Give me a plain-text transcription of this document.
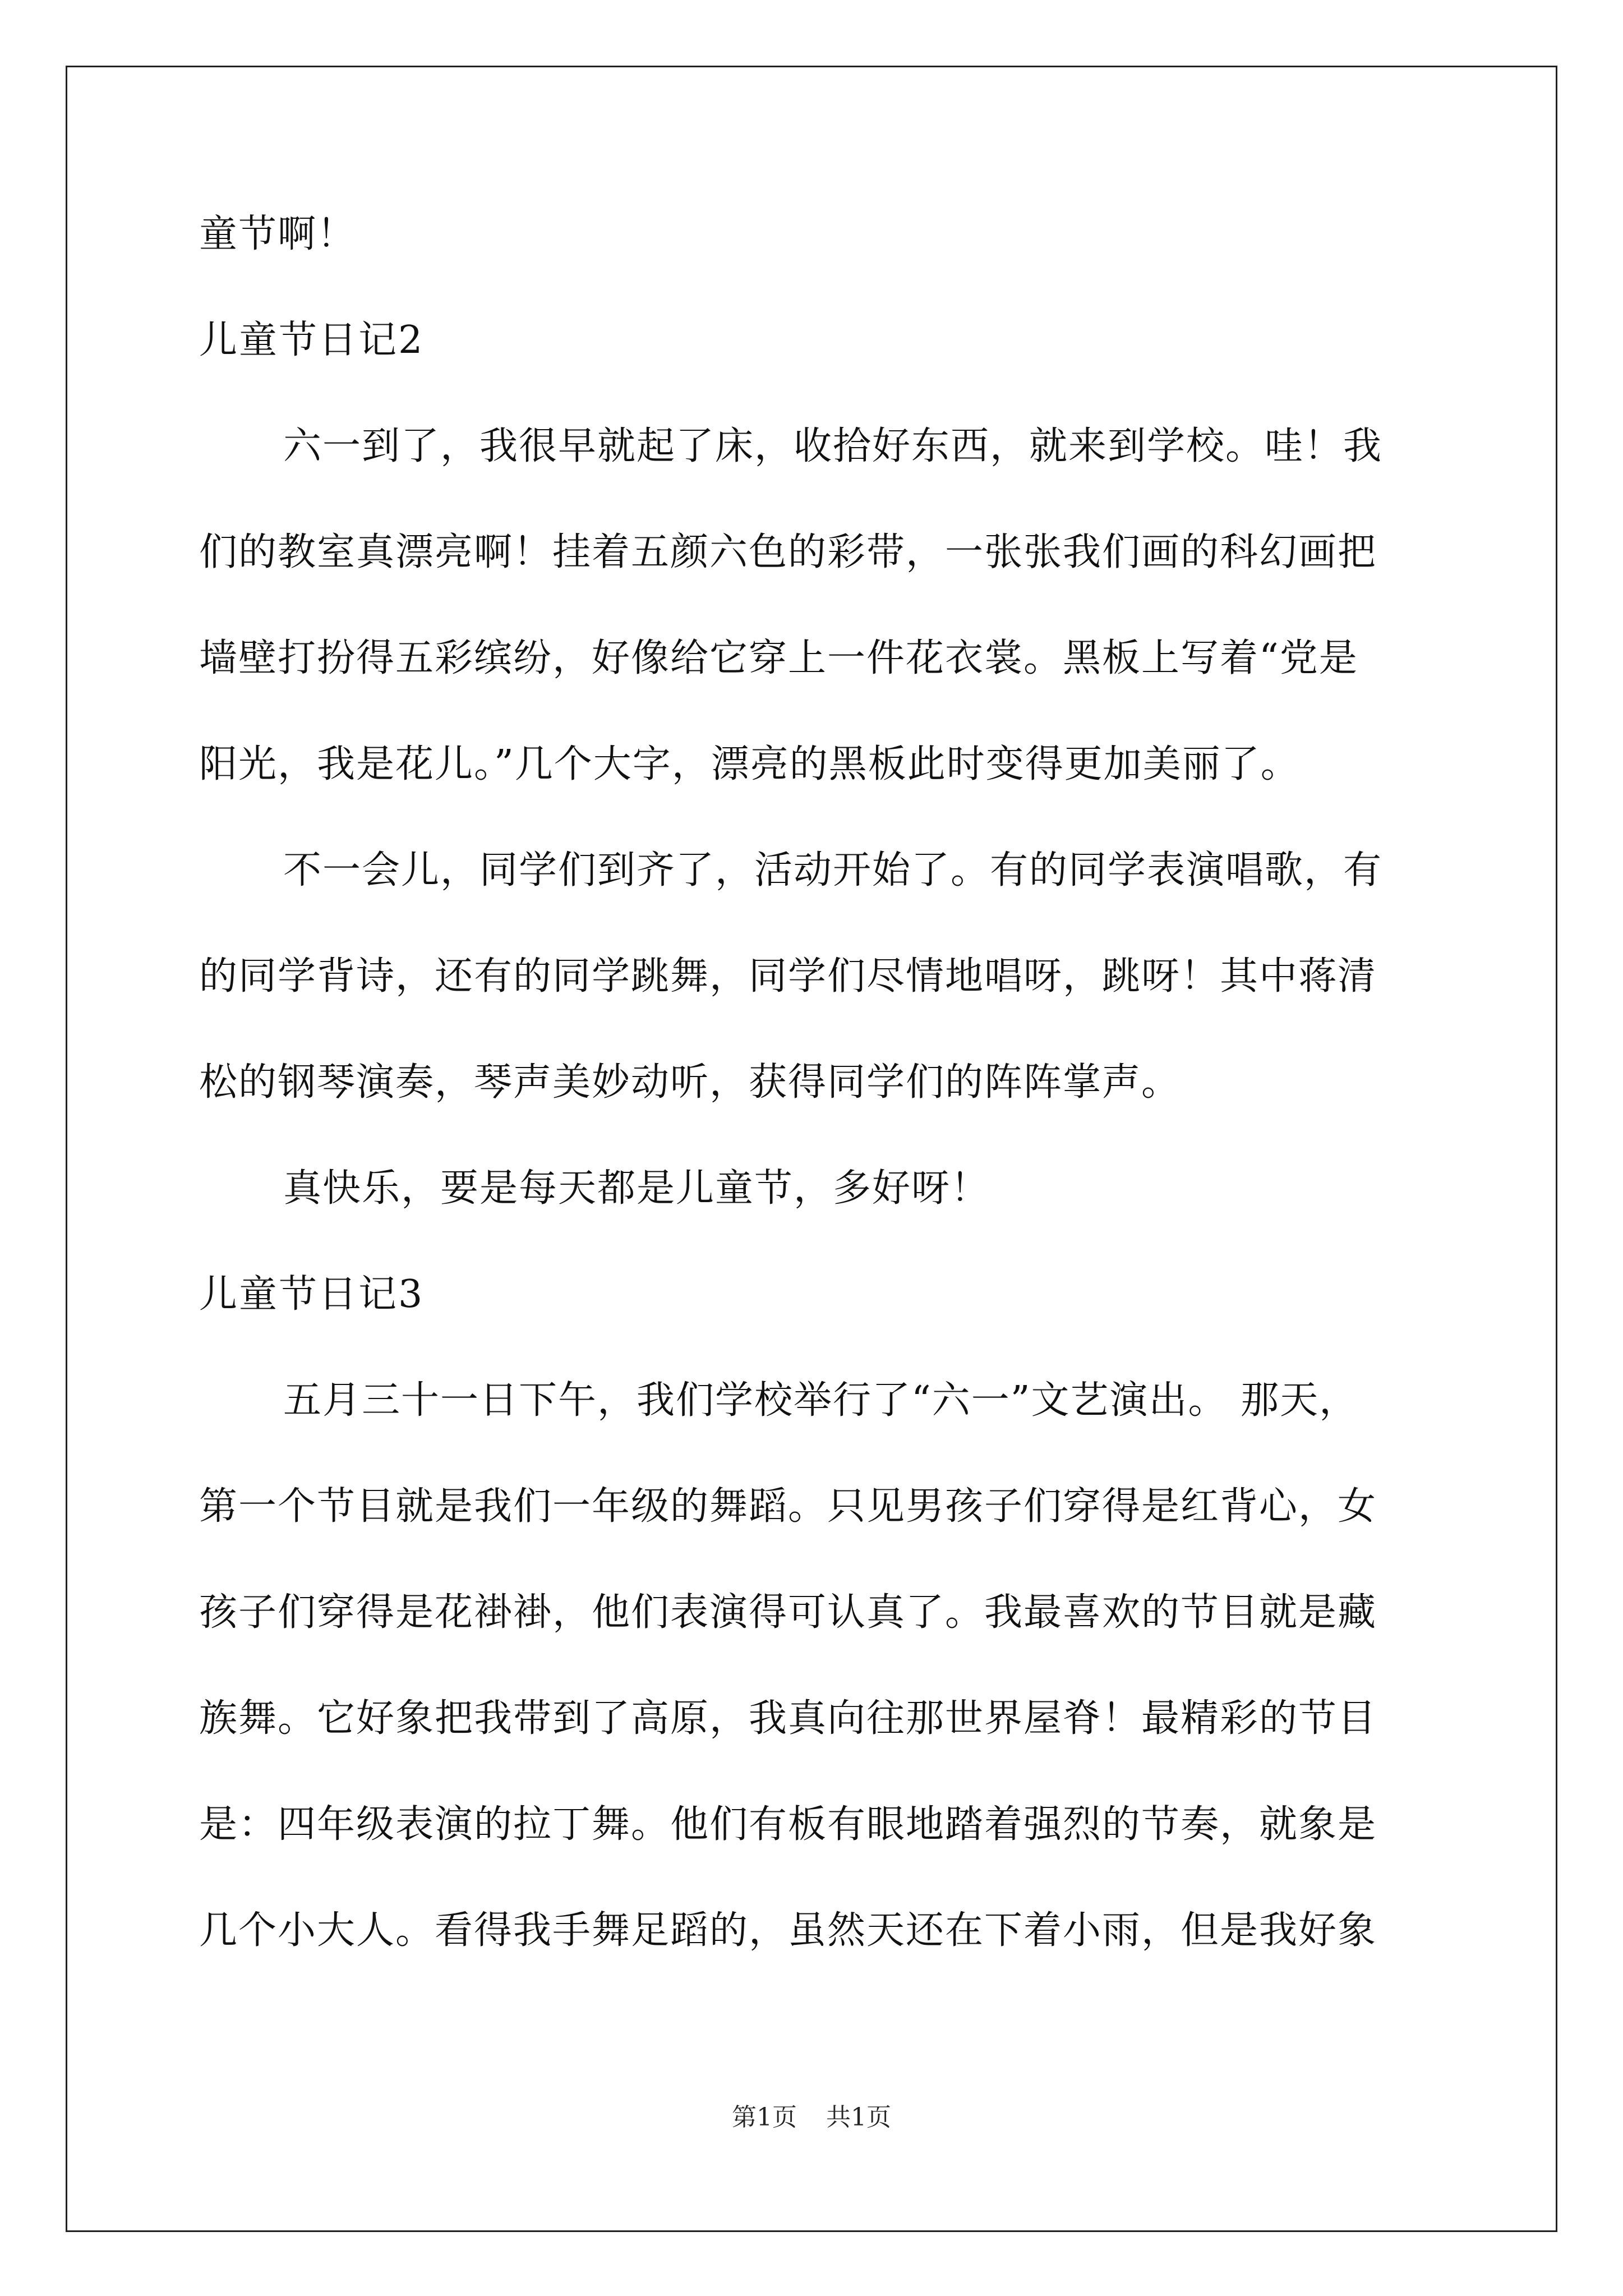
童节啊！
儿童节日记2
六一到了，我很早就起了床，收拾好东西，就来到学校。哇！我
们的教室真漂亮啊！挂着五颜六色的彩带，一张张我们画的科幻画把
墙壁打扮得五彩缤纷，好像给它穿上一件花衣裳。黑板上写着“党是
阳光，我是花儿。”几个大字，漂亮的黑板此时变得更加美丽了。
不一会儿，同学们到齐了，活动开始了。有的同学表演唱歌，有
的同学背诗，还有的同学跳舞，同学们尽情地唱呀，跳呀！其中蒋清
松的钢琴演奏，琴声美妙动听，获得同学们的阵阵掌声。
真快乐，要是每天都是儿童节，多好呀！
儿童节日记3
五月三十一日下午，我们学校举行了“六一”文艺演出。 那天，
第一个节目就是我们一年级的舞蹈。只见男孩子们穿得是红背心，女
孩子们穿得是花褂褂，他们表演得可认真了。我最喜欢的节目就是藏
族舞。它好象把我带到了高原，我真向往那世界屋脊！最精彩的节目
是：四年级表演的拉丁舞。他们有板有眼地踏着强烈的节奏，就象是
几个小大人。看得我手舞足蹈的，虽然天还在下着小雨，但是我好象
第1页 共1页
